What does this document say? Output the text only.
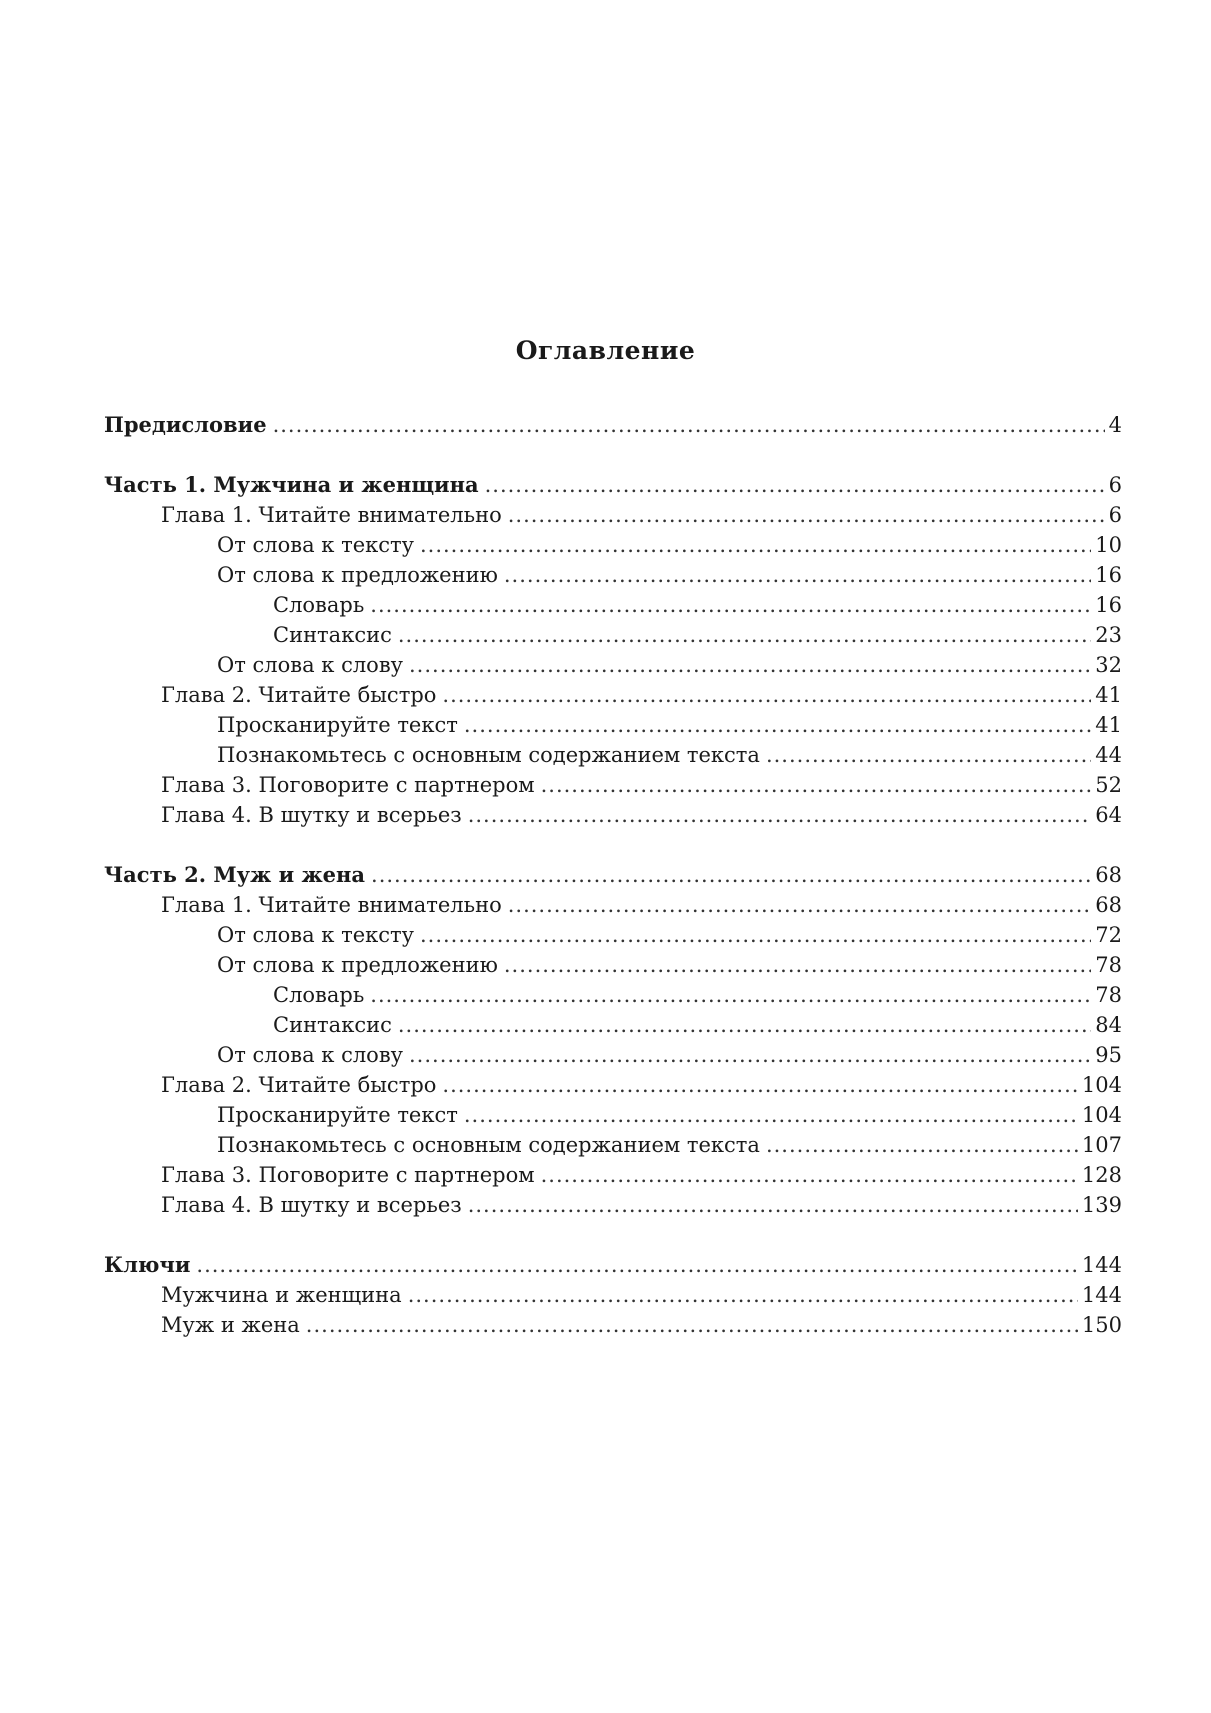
Оглавление
Предисловие .....	4
Часть 1. Мужчина и женщина .....	6
Глава 1. Читайте внимательно .....	6
От слова к тексту .....	10
От слова к предложению .....	16
Словарь .....	16
Синтаксис .....	23
От слова к слову .....	32
Глава 2. Читайте быстро .....	41
Просканируйте текст .....	41
Познакомьтесь с основным содержанием текста .....	44
Глава 3. Поговорите с партнером .....	52
Глава 4. В шутку и всерьез .....	64
Часть 2. Муж и жена .....	68
Глава 1. Читайте внимательно .....	68
От слова к тексту .....	72
От слова к предложению .....	78
Словарь .....	78
Синтаксис .....	84
От слова к слову .....	95
Глава 2. Читайте быстро .....	104
Просканируйте текст .....	104
Познакомьтесь с основным содержанием текста .....	107
Глава 3. Поговорите с партнером .....	128
Глава 4. В шутку и всерьез .....	139
Ключи .....	144
Мужчина и женщина .....	144
Муж и жена .....	150
